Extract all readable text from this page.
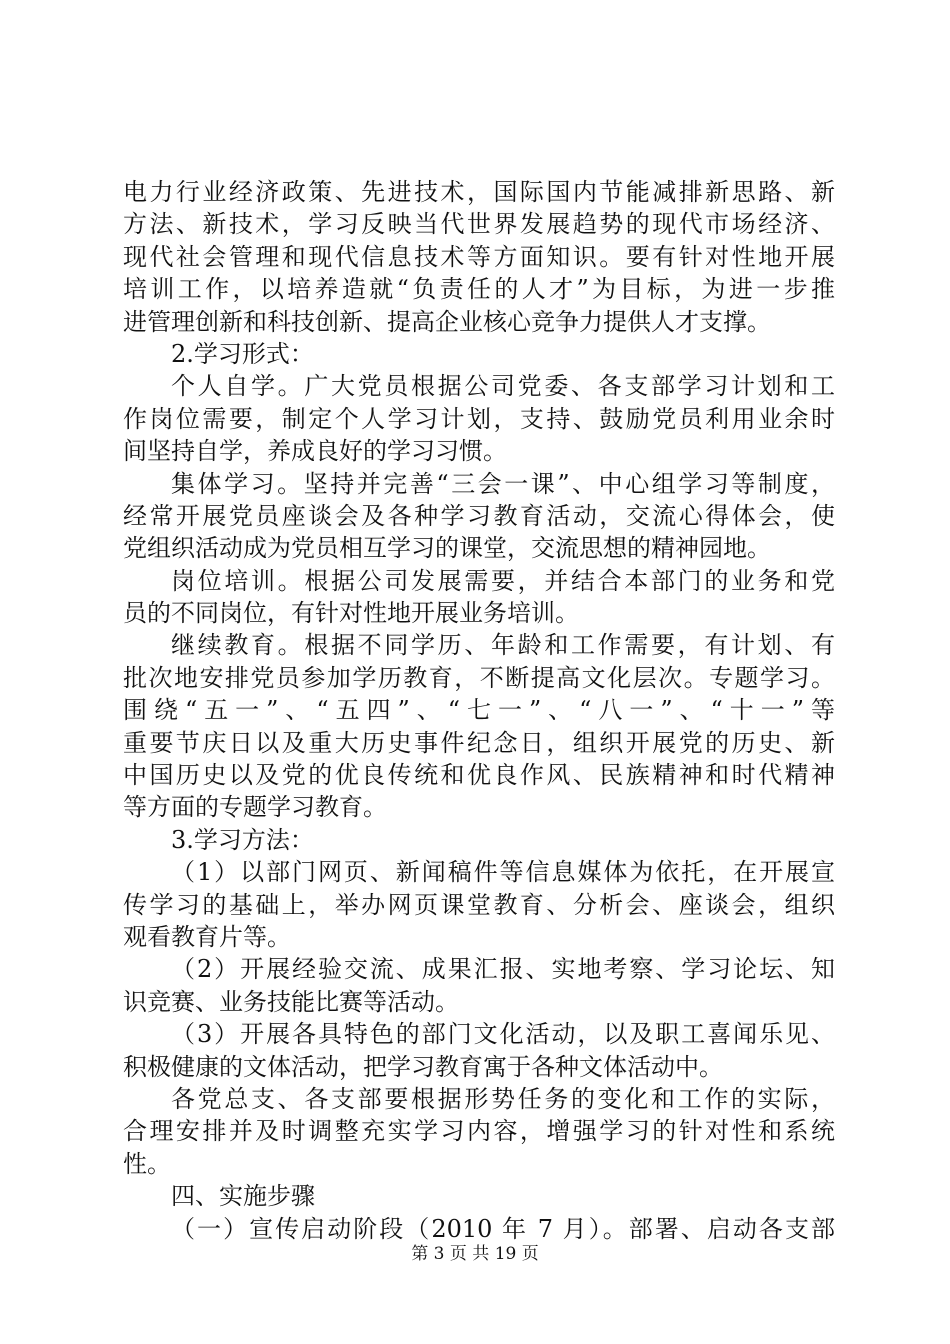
电力行业经济政策、先进技术，国际国内节能减排新思路、新
方法、新技术，学习反映当代世界发展趋势的现代市场经济、
现代社会管理和现代信息技术等方面知识。要有针对性地开展
培训工作，以培养造就“负责任的人才”为目标，为进一步推
进管理创新和科技创新、提高企业核心竞争力提供人才支撑。
2.学习形式：
个人自学。广大党员根据公司党委、各支部学习计划和工
作岗位需要，制定个人学习计划，支持、鼓励党员利用业余时
间坚持自学，养成良好的学习习惯。
集体学习。坚持并完善“三会一课”、中心组学习等制度，
经常开展党员座谈会及各种学习教育活动，交流心得体会，使
党组织活动成为党员相互学习的课堂，交流思想的精神园地。
岗位培训。根据公司发展需要，并结合本部门的业务和党
员的不同岗位，有针对性地开展业务培训。
继续教育。根据不同学历、年龄和工作需要，有计划、有
批次地安排党员参加学历教育，不断提高文化层次。专题学习。
围绕“五一”、“五四”、“七一”、“八一”、“十一”等
重要节庆日以及重大历史事件纪念日，组织开展党的历史、新
中国历史以及党的优良传统和优良作风、民族精神和时代精神
等方面的专题学习教育。
3.学习方法：
（1）以部门网页、新闻稿件等信息媒体为依托，在开展宣
传学习的基础上，举办网页课堂教育、分析会、座谈会，组织
观看教育片等。
（2）开展经验交流、成果汇报、实地考察、学习论坛、知
识竞赛、业务技能比赛等活动。
（3）开展各具特色的部门文化活动，以及职工喜闻乐见、
积极健康的文体活动，把学习教育寓于各种文体活动中。
各党总支、各支部要根据形势任务的变化和工作的实际，
合理安排并及时调整充实学习内容，增强学习的针对性和系统
性。
四、实施步骤
（一）宣传启动阶段（2010 年 7 月）。部署、启动各支部
第 3 页 共 19 页
